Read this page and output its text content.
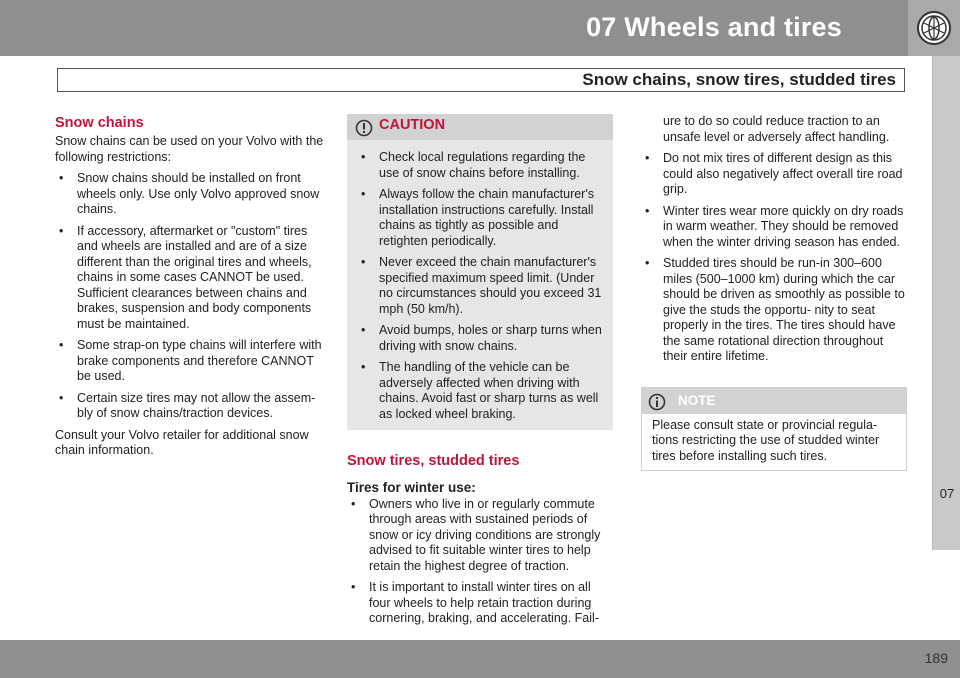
07 Wheels and tires
Snow chains, snow tires, studded tires
07
Snow chains

Snow chains can be used on your Volvo with the following restrictions:

• Snow chains should be installed on front wheels only. Use only Volvo approved snow chains.
• If accessory, aftermarket or "custom" tires and wheels are installed and are of a size different than the original tires and wheels, chains in some cases CANNOT be used. Sufficient clearances between chains and brakes, suspension and body components must be maintained.
• Some strap-on type chains will interfere with brake components and therefore CANNOT be used.
• Certain size tires may not allow the assem- bly of snow chains/traction devices.

Consult your Volvo retailer for additional snow chain information.

CAUTION
• Check local regulations regarding the use of snow chains before installing.
• Always follow the chain manufacturer's installation instructions carefully. Install chains as tightly as possible and retighten periodically.
• Never exceed the chain manufacturer's specified maximum speed limit. (Under no circumstances should you exceed 31 mph (50 km/h).
• Avoid bumps, holes or sharp turns when driving with snow chains.
• The handling of the vehicle can be adversely affected when driving with chains. Avoid fast or sharp turns as well as locked wheel braking.
Snow tires, studded tires
Tires for winter use:
• Owners who live in or regularly commute through areas with sustained periods of snow or icy driving conditions are strongly advised to fit suitable winter tires to help retain the highest degree of traction.
• It is important to install winter tires on all four wheels to help retain traction during cornering, braking, and accelerating. Fail-

ure to do so could reduce traction to an unsafe level or adversely affect handling.

• Do not mix tires of different design as this could also negatively affect overall tire road grip.
• Winter tires wear more quickly on dry roads in warm weather. They should be removed when the winter driving season has ended.
• Studded tires should be run-in 300–600 miles (500–1000 km) during which the car should be driven as smoothly as possible to give the studs the opportu- nity to seat properly in the tires. The tires should have the same rotational direction throughout their entire lifetime.
NOTE
Please consult state or provincial regula- tions restricting the use of studded winter tires before installing such tires.
189
